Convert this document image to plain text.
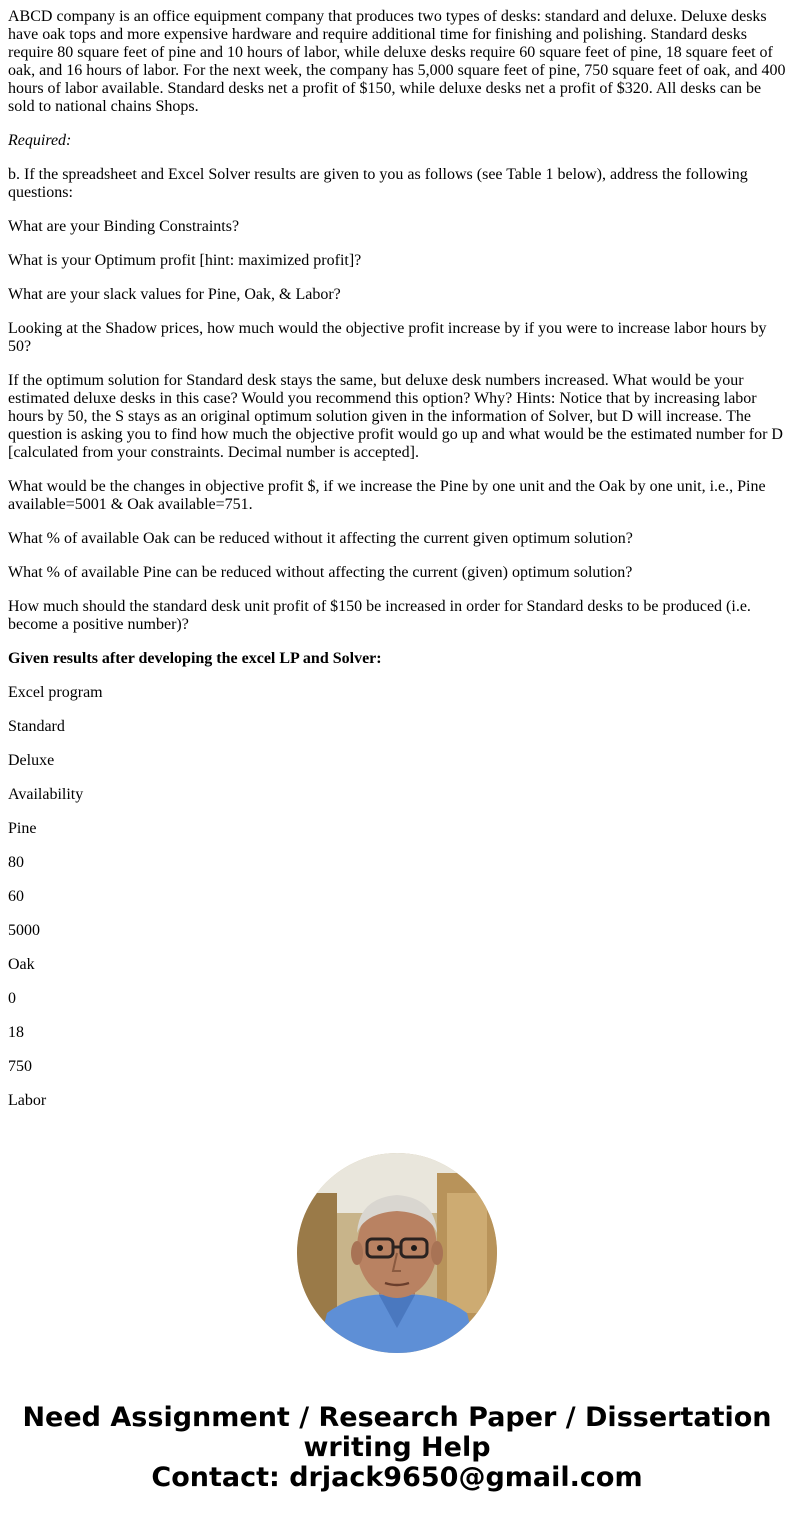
ABCD company is an office equipment company that produces two types of desks: standard and deluxe. Deluxe desks have oak tops and more expensive hardware and require additional time for finishing and polishing. Standard desks require 80 square feet of pine and 10 hours of labor, while deluxe desks require 60 square feet of pine, 18 square feet of oak, and 16 hours of labor. For the next week, the company has 5,000 square feet of pine, 750 square feet of oak, and 400 hours of labor available. Standard desks net a profit of $150, while deluxe desks net a profit of $320. All desks can be sold to national chains Shops.

Required:

b. If the spreadsheet and Excel Solver results are given to you as follows (see Table 1 below), address the following questions:

What are your Binding Constraints?

What is your Optimum profit [hint: maximized profit]?

What are your slack values for Pine, Oak, & Labor?

Looking at the Shadow prices, how much would the objective profit increase by if you were to increase labor hours by 50?

If the optimum solution for Standard desk stays the same, but deluxe desk numbers increased. What would be your estimated deluxe desks in this case? Would you recommend this option? Why? Hints: Notice that by increasing labor hours by 50, the S stays as an original optimum solution given in the information of Solver, but D will increase. The question is asking you to find how much the objective profit would go up and what would be the estimated number for D [calculated from your constraints. Decimal number is accepted].

What would be the changes in objective profit $, if we increase the Pine by one unit and the Oak by one unit, i.e., Pine available=5001 & Oak available=751.

What % of available Oak can be reduced without it affecting the current given optimum solution?

What % of available Pine can be reduced without affecting the current (given) optimum solution?

How much should the standard desk unit profit of $150 be increased in order for Standard desks to be produced (i.e. become a positive number)?

Given results after developing the excel LP and Solver:

Excel program

Standard

Deluxe

Availability

Pine

80

60

5000

Oak

0

18

750

Labor

Need Assignment / Research Paper / Dissertation
writing Help
Contact: drjack9650@gmail.com
